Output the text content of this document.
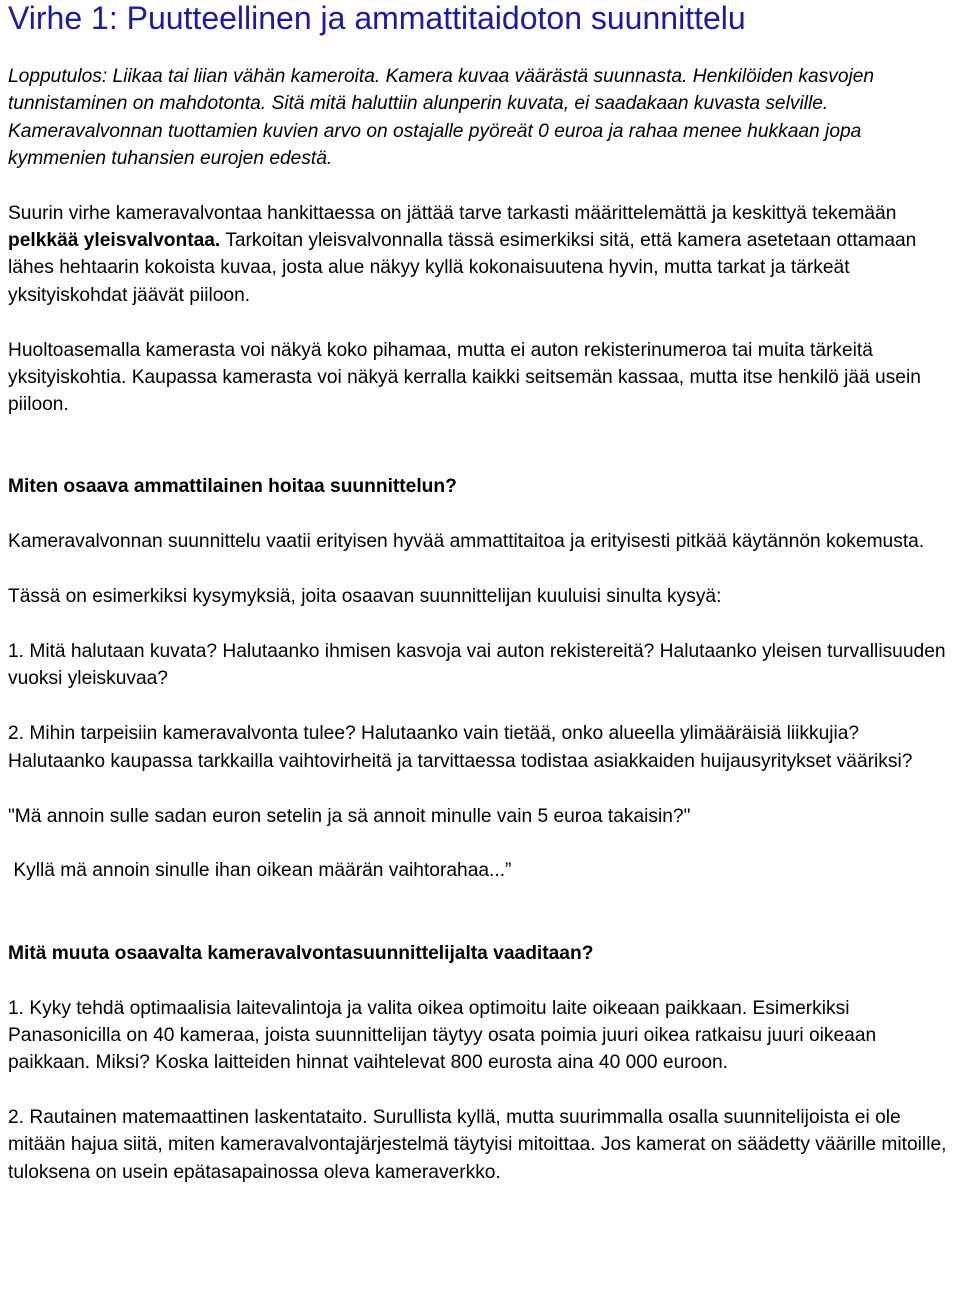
Virhe 1: Puutteellinen ja ammattitaidoton suunnittelu

Lopputulos: Liikaa tai liian vähän kameroita. Kamera kuvaa väärästä suunnasta. Henkilöiden kasvojen tunnistaminen on mahdotonta. Sitä mitä haluttiin alunperin kuvata, ei saadakaan kuvasta selville. Kameravalvonnan tuottamien kuvien arvo on ostajalle pyöreät 0 euroa ja rahaa menee hukkaan jopa kymmenien tuhansien eurojen edestä.

Suurin virhe kameravalvontaa hankittaessa on jättää tarve tarkasti määrittelemättä ja keskittyä tekemään pelkkää yleisvalvontaa. Tarkoitan yleisvalvonnalla tässä esimerkiksi sitä, että kamera asetetaan ottamaan lähes hehtaarin kokoista kuvaa, josta alue näkyy kyllä kokonaisuutena hyvin, mutta tarkat ja tärkeät yksityiskohdat jäävät piiloon.

Huoltoasemalla kamerasta voi näkyä koko pihamaa, mutta ei auton rekisterinumeroa tai muita tärkeitä yksityiskohtia. Kaupassa kamerasta voi näkyä kerralla kaikki seitsemän kassaa, mutta itse henkilö jää usein piiloon.

Miten osaava ammattilainen hoitaa suunnittelun?

Kameravalvonnan suunnittelu vaatii erityisen hyvää ammattitaitoa ja erityisesti pitkää käytännön kokemusta.

Tässä on esimerkiksi kysymyksiä, joita osaavan suunnittelijan kuuluisi sinulta kysyä:

1. Mitä halutaan kuvata? Halutaanko ihmisen kasvoja vai auton rekistereitä? Halutaanko yleisen turvallisuuden vuoksi yleiskuvaa?

2. Mihin tarpeisiin kameravalvonta tulee? Halutaanko vain tietää, onko alueella ylimääräisiä liikkujia? Halutaanko kaupassa tarkkailla vaihtovirheitä ja tarvittaessa todistaa asiakkaiden huijausyritykset vääriksi?

"Mä annoin sulle sadan euron setelin ja sä annoit minulle vain 5 euroa takaisin?"

Kyllä mä annoin sinulle ihan oikean määrän vaihtorahaa...”

Mitä muuta osaavalta kameravalvontasuunnittelijalta vaaditaan?

1. Kyky tehdä optimaalisia laitevalintoja ja valita oikea optimoitu laite oikeaan paikkaan. Esimerkiksi Panasonicilla on 40 kameraa, joista suunnittelijan täytyy osata poimia juuri oikea ratkaisu juuri oikeaan paikkaan. Miksi? Koska laitteiden hinnat vaihtelevat 800 eurosta aina 40 000 euroon.

2. Rautainen matemaattinen laskentataito. Surullista kyllä, mutta suurimmalla osalla suunnitelijoista ei ole mitään hajua siitä, miten kameravalvontajärjestelmä täytyisi mitoittaa. Jos kamerat on säädetty väärille mitoille, tuloksena on usein epätasapainossa oleva kameraverkko.
